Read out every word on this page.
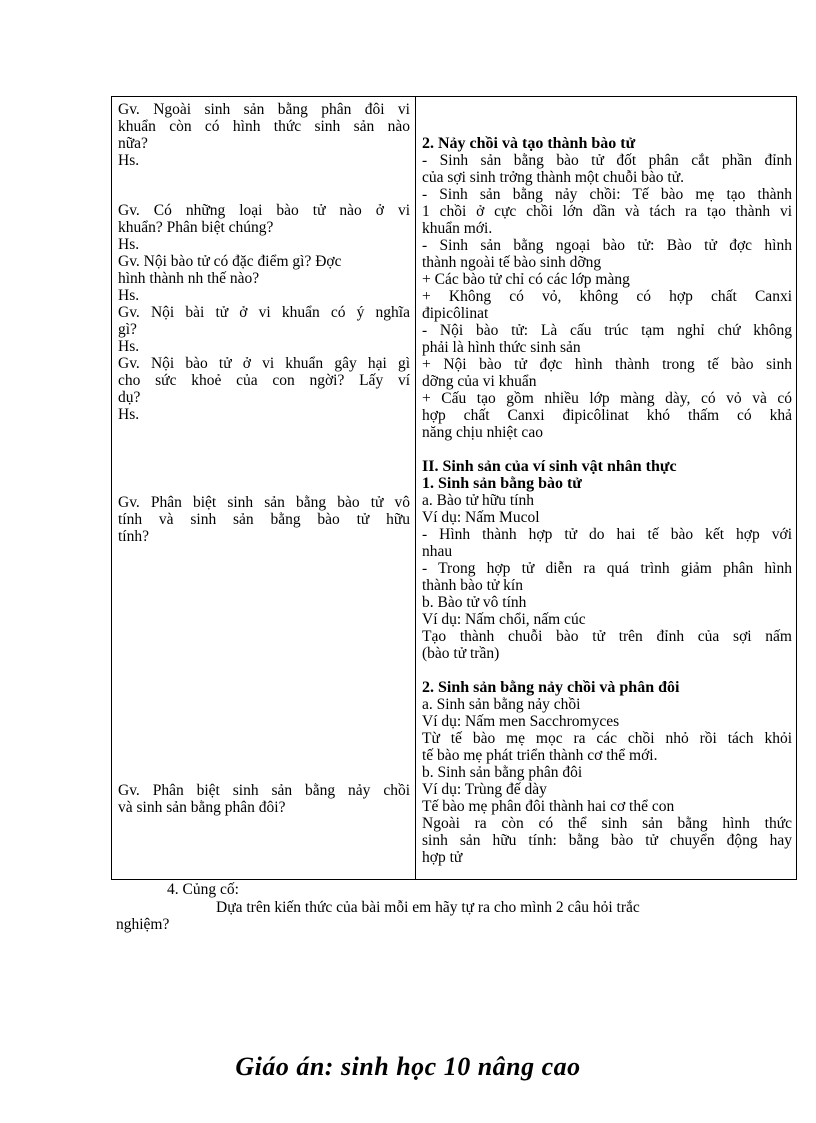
Gv. Ngoài sinh sản bằng phân đôi vi
khuẩn còn có hình thức sinh sản nào
nữa?
Hs.
Gv. Có những loại bào tử nào ở vi
khuẩn? Phân biệt chúng?
Hs.
Gv. Nội bào tử có đặc điểm gì? Đợc
hình thành nh thế nào?
Hs.
Gv. Nội bài tử ở vi khuẩn có ý nghĩa
gì?
Hs.
Gv. Nội bào tử ở vi khuẩn gây hại gì
cho sức khoẻ của con ngời? Lấy ví
dụ?
Hs.
Gv. Phân biệt sinh sản bằng bào tử vô
tính và sinh sản bằng bào tử hữu
tính?
Gv. Phân biệt sinh sản bằng nảy chồi
và sinh sản bằng phân đôi?
2. Nảy chồi và tạo thành bào tử
- Sinh sản bằng bào tử đốt phân cắt phần đỉnh
của sợi sinh trởng thành một chuỗi bào tử.
- Sinh sản bằng nảy chồi: Tế bào mẹ tạo thành
1 chồi ở cực chồi lớn dần và tách ra tạo thành vi
khuẩn mới.
- Sinh sản bằng ngoại bào tử: Bào tử đợc hình
thành ngoài tế bào sinh dỡng
+ Các bào tử chỉ có các lớp màng
+ Không có vỏ, không có hợp chất Canxi
đipicôlinat
- Nội bào tử: Là cấu trúc tạm nghỉ chứ không
phải là hình thức sinh sản
+ Nội bào tử đợc hình thành trong tế bào sinh
dỡng của vi khuẩn
+ Cấu tạo gồm nhiều lớp màng dày, có vỏ và có
hợp chất Canxi đipicôlinat khó thấm có khả
năng chịu nhiệt cao
II. Sinh sản của ví sinh vật nhân thực
1. Sinh sản bằng bào tử
a. Bào tử hữu tính
Ví dụ: Nấm Mucol
- Hình thành hợp tử do hai tế bào kết hợp với
nhau
- Trong hợp tử diễn ra quá trình giảm phân hình
thành bào tử kín
b. Bào tử vô tính
Ví dụ: Nấm chổi, nấm cúc
Tạo thành chuỗi bào tử trên đỉnh của sợi nấm
(bào tử trần)
2. Sinh sản bằng nảy chồi và phân đôi
a. Sinh sản bằng nảy chồi
Ví dụ: Nấm men Sacchromyces
Từ tế bào mẹ mọc ra các chồi nhỏ rồi tách khỏi
tế bào mẹ phát triển thành cơ thể mới.
b. Sinh sản bằng phân đôi
Ví dụ: Trùng đế dày
Tế bào mẹ phân đôi thành hai cơ thể con
Ngoài ra còn có thể sinh sản bằng hình thức
sinh sản hữu tính: bằng bào tử chuyển động hay
hợp tử
4. Củng cố:
Dựa trên kiến thức của bài mỗi em hãy tự ra cho mình 2 câu hỏi trắc
nghiệm?
Giáo án: sinh học 10 nâng cao
